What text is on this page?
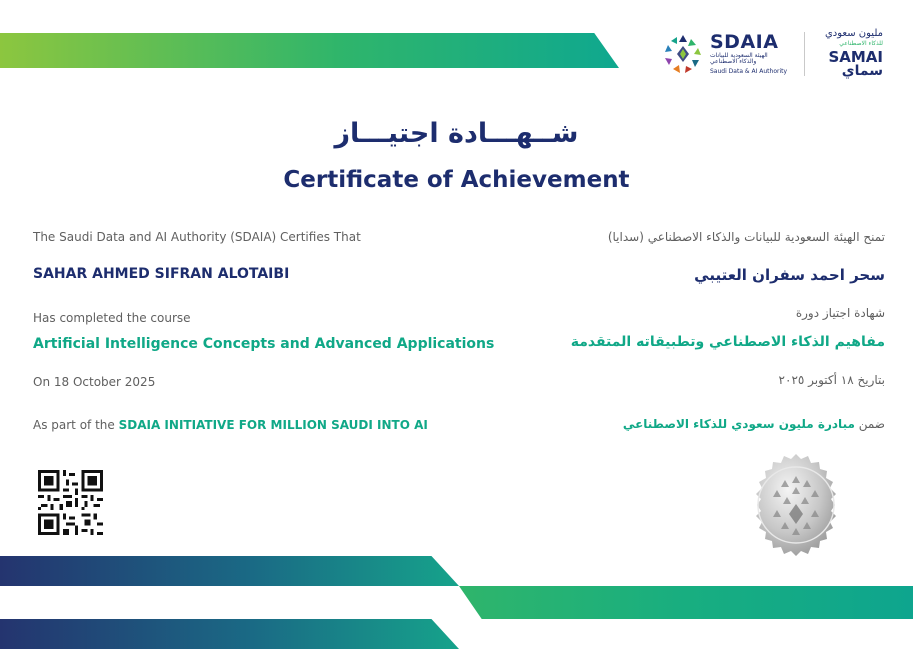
SDAIA
الهيئة السعودية للبيانات
والذكاء الاصطناعي
Saudi Data & AI Authority
مليون سعودي
للذكاء الاصطناعي
SAMAI
سماي
شــهـــادة اجتيـــاز
Certificate of Achievement
The Saudi Data and AI Authority (SDAIA) Certifies That
SAHAR AHMED SIFRAN ALOTAIBI
Has completed the course
Artificial Intelligence Concepts and Advanced Applications
On 18 October 2025
As part of the SDAIA INITIATIVE FOR MILLION SAUDI INTO AI
تمنح الهيئة السعودية للبيانات والذكاء الاصطناعي (سدايا)
سحر احمد سفران العتيبي
شهادة اجتياز دورة
مفاهيم الذكاء الاصطناعي وتطبيقاته المتقدمة
بتاريخ ١٨ أكتوبر ٢٠٢٥
ضمن مبادرة مليون سعودي للذكاء الاصطناعي
